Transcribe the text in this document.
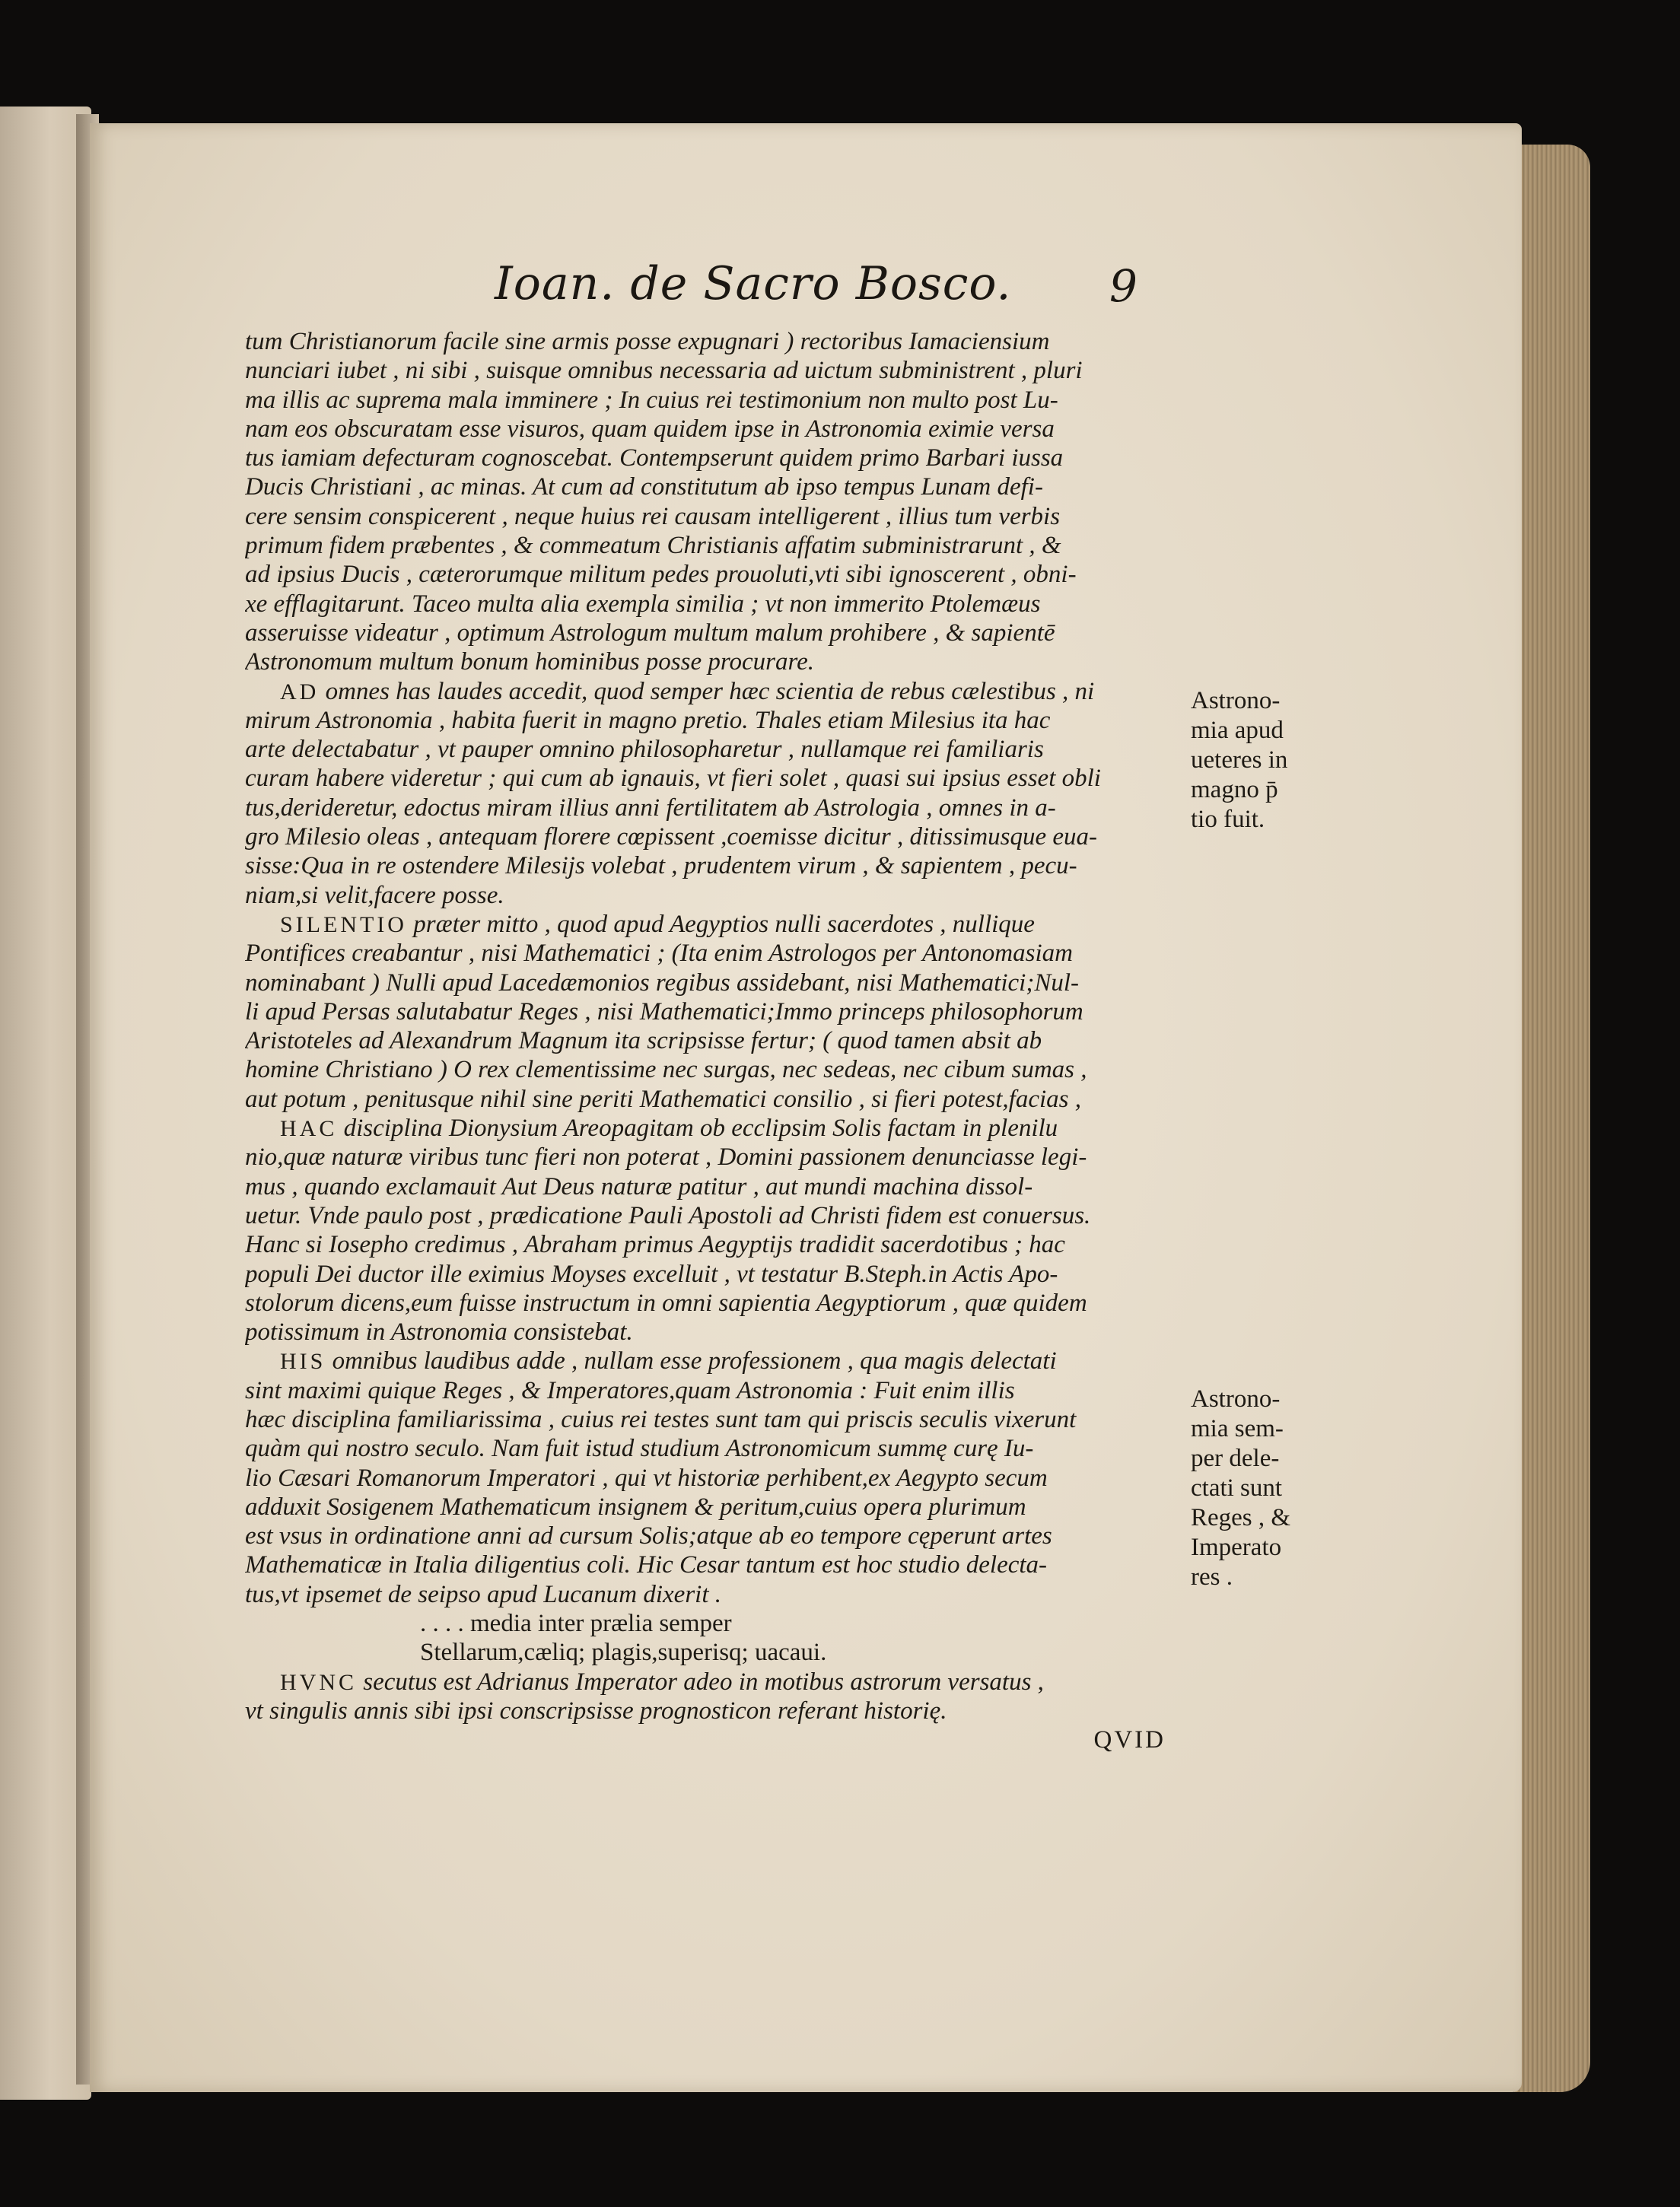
Ioan. de Sacro Bosco. 9
tum Christianorum facile sine armis posse expugnari ) rectoribus Iamaciensium
nunciari iubet , ni sibi , suisque omnibus necessaria ad uictum subministrent , pluri
ma illis ac suprema mala imminere ; In cuius rei testimonium non multo post Lu-
nam eos obscuratam esse visuros, quam quidem ipse in Astronomia eximie versa
tus iamiam defecturam cognoscebat. Contempserunt quidem primo Barbari iussa
Ducis Christiani , ac minas. At cum ad constitutum ab ipso tempus Lunam defi-
cere sensim conspicerent , neque huius rei causam intelligerent , illius tum verbis
primum fidem præbentes , & commeatum Christianis affatim subministrarunt , &
ad ipsius Ducis , cæterorumque militum pedes prouoluti,vti sibi ignoscerent , obni-
xe efflagitarunt. Taceo multa alia exempla similia ; vt non immerito Ptolemæus
asseruisse videatur , optimum Astrologum multum malum prohibere , & sapientē
Astronomum multum bonum hominibus posse procurare.
AD omnes has laudes accedit, quod semper hæc scientia de rebus cælestibus , ni
mirum Astronomia , habita fuerit in magno pretio. Thales etiam Milesius ita hac
arte delectabatur , vt pauper omnino philosopharetur , nullamque rei familiaris
curam habere videretur ; qui cum ab ignauis, vt fieri solet , quasi sui ipsius esset obli
tus,derideretur, edoctus miram illius anni fertilitatem ab Astrologia , omnes in a-
gro Milesio oleas , antequam florere cœpissent ,coemisse dicitur , ditissimusque eua-
sisse:Qua in re ostendere Milesijs volebat , prudentem virum , & sapientem , pecu-
niam,si velit,facere posse.
SILENTIO præter mitto , quod apud Aegyptios nulli sacerdotes , nullique
Pontifices creabantur , nisi Mathematici ; (Ita enim Astrologos per Antonomasiam
nominabant ) Nulli apud Lacedæmonios regibus assidebant, nisi Mathematici;Nul-
li apud Persas salutabatur Reges , nisi Mathematici;Immo princeps philosophorum
Aristoteles ad Alexandrum Magnum ita scripsisse fertur; ( quod tamen absit ab
homine Christiano ) O rex clementissime nec surgas, nec sedeas, nec cibum sumas ,
aut potum , penitusque nihil sine periti Mathematici consilio , si fieri potest,facias ,
HAC disciplina Dionysium Areopagitam ob ecclipsim Solis factam in plenilu
nio,quæ naturæ viribus tunc fieri non poterat , Domini passionem denunciasse legi-
mus , quando exclamauit Aut Deus naturæ patitur , aut mundi machina dissol-
uetur. Vnde paulo post , prædicatione Pauli Apostoli ad Christi fidem est conuersus.
Hanc si Iosepho credimus , Abraham primus Aegyptijs tradidit sacerdotibus ; hac
populi Dei ductor ille eximius Moyses excelluit , vt testatur B.Steph.in Actis Apo-
stolorum dicens,eum fuisse instructum in omni sapientia Aegyptiorum , quæ quidem
potissimum in Astronomia consistebat.
HIS omnibus laudibus adde , nullam esse professionem , qua magis delectati
sint maximi quique Reges , & Imperatores,quam Astronomia : Fuit enim illis
hæc disciplina familiarissima , cuius rei testes sunt tam qui priscis seculis vixerunt
quàm qui nostro seculo. Nam fuit istud studium Astronomicum summę curę Iu-
lio Cæsari Romanorum Imperatori , qui vt historiæ perhibent,ex Aegypto secum
adduxit Sosigenem Mathematicum insignem & peritum,cuius opera plurimum
est vsus in ordinatione anni ad cursum Solis;atque ab eo tempore cęperunt artes
Mathematicæ in Italia diligentius coli. Hic Cesar tantum est hoc studio delecta-
tus,vt ipsemet de seipso apud Lucanum dixerit .
. . . . media inter prælia semper
Stellarum,cæliq; plagis,superisq; uacaui.
HVNC secutus est Adrianus Imperator adeo in motibus astrorum versatus ,
vt singulis annis sibi ipsi conscripsisse prognosticon referant historię.
QVID
Astrono-
mia apud
ueteres in
magno p̄
tio fuit.
Astrono-
mia sem-
per dele-
ctati sunt
Reges , &
Imperato
res .
